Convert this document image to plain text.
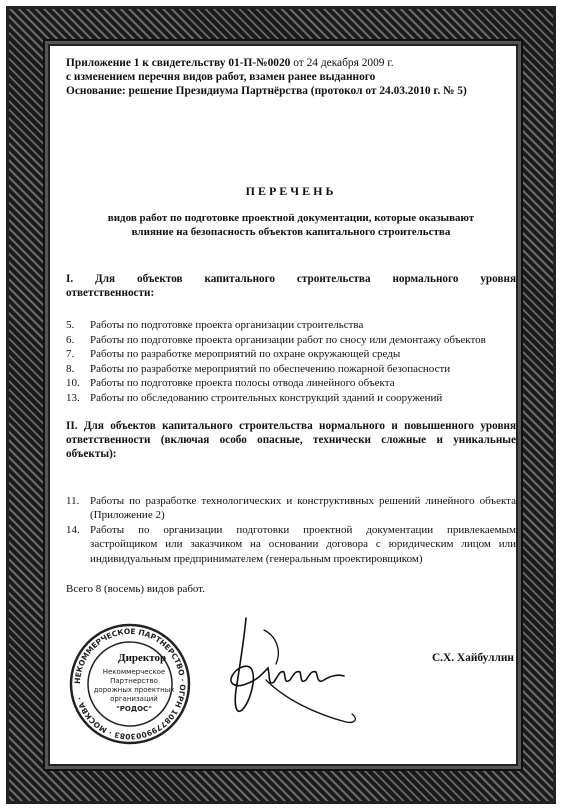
Приложение 1 к свидетельству 01-П-№0020 от 24 декабря 2009 г.
с изменением перечня видов работ, взамен ранее выданного
Основание: решение Президиума Партнёрства (протокол от 24.03.2010 г. № 5)
ПЕРЕЧЕНЬ
видов работ по подготовке проектной документации, которые оказывают
влияние на безопасность объектов капитального строительства
I. Для объектов капитального строительства нормального уровня
ответственности:
5.	Работы по подготовке проекта организации строительства
6.	Работы по подготовке проекта организации работ по сносу или демонтажу объектов
7.	Работы по разработке мероприятий по охране окружающей среды
8.	Работы по разработке мероприятий по обеспечению пожарной безопасности
10. Работы по подготовке проекта полосы отвода линейного объекта
13. Работы по обследованию строительных конструкций зданий и сооружений
II. Для объектов капитального строительства нормального и повышенного уровня ответственности (включая особо опасные, технически сложные и уникальные объекты):
11. Работы по разработке технологических и конструктивных решений линейного объекта (Приложение 2)
14. Работы по организации подготовки проектной документации привлекаемым застройщиком или заказчиком на основании договора с юридическим лицом или индивидуальным предпринимателем (генеральным проектировщиком)
Всего 8 (восемь) видов работ.
НЕКОММЕРЧЕСКОЕ ПАРТНЕРСТВО · ОГРН 1087799003083 · МОСКВА ·
Некоммерческое
Партнерство
дорожных проектных
организаций
"РОДОС"
Директор	С.Х. Хайбуллин
